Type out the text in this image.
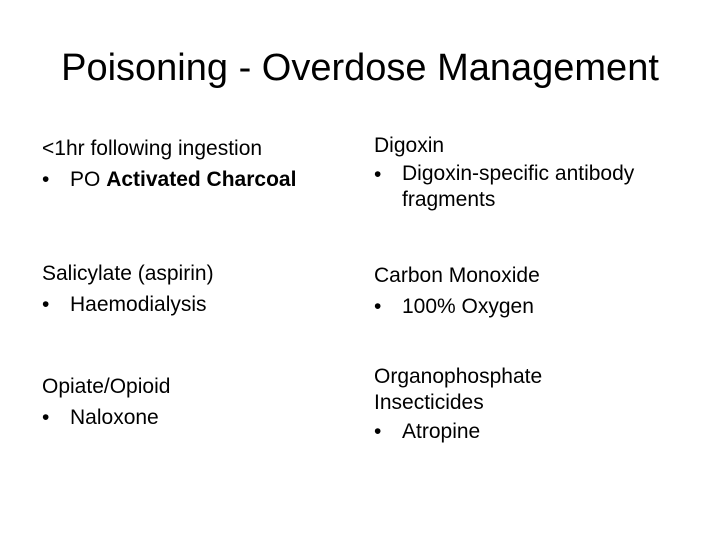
Poisoning - Overdose Management
<1hr following ingestion
• PO Activated Charcoal
Salicylate (aspirin)
• Haemodialysis
Opiate/Opioid
• Naloxone
Digoxin
• Digoxin-specific antibody
fragments
Carbon Monoxide
• 100% Oxygen
Organophosphate
Insecticides
• Atropine
